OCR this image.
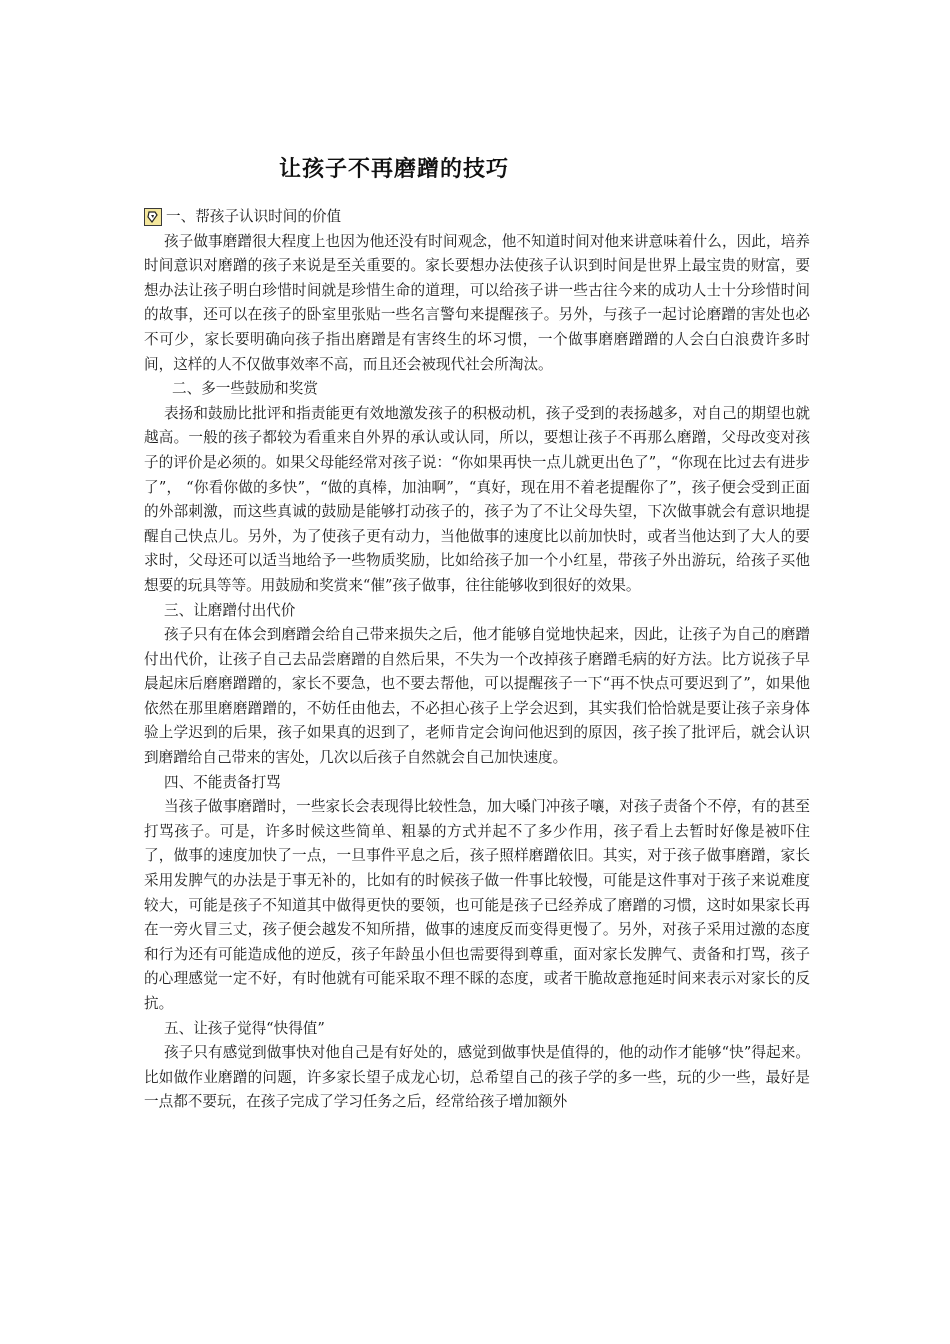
让孩子不再磨蹭的技巧

一、帮孩子认识时间的价值

孩子做事磨蹭很大程度上也因为他还没有时间观念，他不知道时间对他来讲意味着什么，因此，培养时间意识对磨蹭的孩子来说是至关重要的。家长要想办法使孩子认识到时间是世界上最宝贵的财富，要想办法让孩子明白珍惜时间就是珍惜生命的道理，可以给孩子讲一些古往今来的成功人士十分珍惜时间的故事，还可以在孩子的卧室里张贴一些名言警句来提醒孩子。另外，与孩子一起讨论磨蹭的害处也必不可少，家长要明确向孩子指出磨蹭是有害终生的坏习惯，一个做事磨磨蹭蹭的人会白白浪费许多时间，这样的人不仅做事效率不高，而且还会被现代社会所淘汰。

二、多一些鼓励和奖赏

表扬和鼓励比批评和指责能更有效地激发孩子的积极动机，孩子受到的表扬越多，对自己的期望也就越高。一般的孩子都较为看重来自外界的承认或认同，所以，要想让孩子不再那么磨蹭，父母改变对孩子的评价是必须的。如果父母能经常对孩子说：“你如果再快一点儿就更出色了”，“你现在比过去有进步了”， “你看你做的多快”，“做的真棒，加油啊”，“真好，现在用不着老提醒你了”，孩子便会受到正面的外部刺激，而这些真诚的鼓励是能够打动孩子的，孩子为了不让父母失望，下次做事就会有意识地提醒自己快点儿。另外，为了使孩子更有动力，当他做事的速度比以前加快时，或者当他达到了大人的要求时，父母还可以适当地给予一些物质奖励，比如给孩子加一个小红星，带孩子外出游玩，给孩子买他想要的玩具等等。用鼓励和奖赏来“催”孩子做事，往往能够收到很好的效果。

三、让磨蹭付出代价

孩子只有在体会到磨蹭会给自己带来损失之后，他才能够自觉地快起来，因此，让孩子为自己的磨蹭付出代价，让孩子自己去品尝磨蹭的自然后果，不失为一个改掉孩子磨蹭毛病的好方法。比方说孩子早晨起床后磨磨蹭蹭的，家长不要急，也不要去帮他，可以提醒孩子一下“再不快点可要迟到了”，如果他依然在那里磨磨蹭蹭的，不妨任由他去，不必担心孩子上学会迟到，其实我们恰恰就是要让孩子亲身体验上学迟到的后果，孩子如果真的迟到了，老师肯定会询问他迟到的原因，孩子挨了批评后，就会认识到磨蹭给自己带来的害处，几次以后孩子自然就会自己加快速度。

四、不能责备打骂

当孩子做事磨蹭时，一些家长会表现得比较性急，加大嗓门冲孩子嚷，对孩子责备个不停，有的甚至打骂孩子。可是，许多时候这些简单、粗暴的方式并起不了多少作用，孩子看上去暂时好像是被吓住了，做事的速度加快了一点，一旦事件平息之后，孩子照样磨蹭依旧。其实，对于孩子做事磨蹭，家长采用发脾气的办法是于事无补的，比如有的时候孩子做一件事比较慢，可能是这件事对于孩子来说难度较大，可能是孩子不知道其中做得更快的要领，也可能是孩子已经养成了磨蹭的习惯，这时如果家长再在一旁火冒三丈，孩子便会越发不知所措，做事的速度反而变得更慢了。另外，对孩子采用过激的态度和行为还有可能造成他的逆反，孩子年龄虽小但也需要得到尊重，面对家长发脾气、责备和打骂，孩子的心理感觉一定不好，有时他就有可能采取不理不睬的态度，或者干脆故意拖延时间来表示对家长的反抗。

五、让孩子觉得“快得值”

孩子只有感觉到做事快对他自己是有好处的，感觉到做事快是值得的，他的动作才能够“快”得起来。比如做作业磨蹭的问题，许多家长望子成龙心切，总希望自己的孩子学的多一些，玩的少一些，最好是一点都不要玩，在孩子完成了学习任务之后，经常给孩子增加额外
